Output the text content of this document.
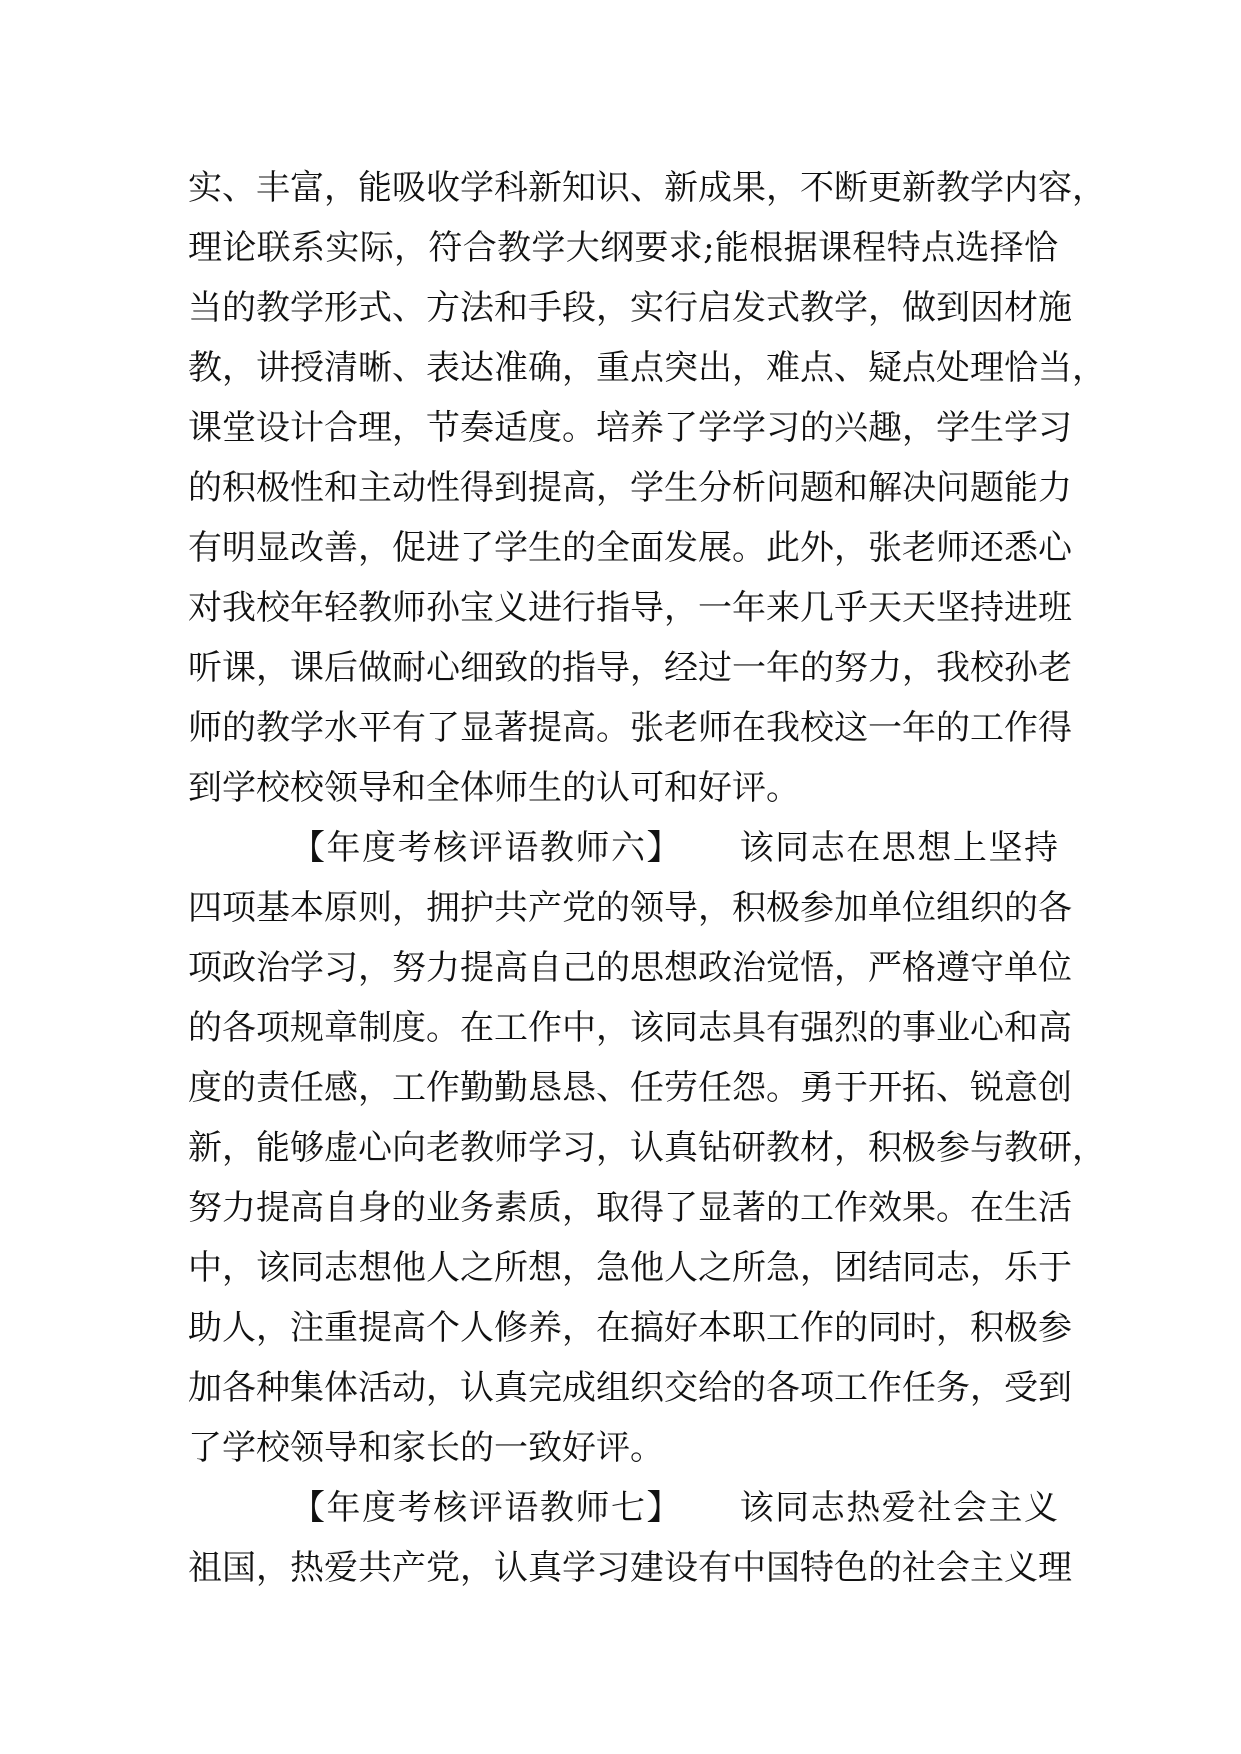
实、丰富，能吸收学科新知识、新成果，不断更新教学内容，
理论联系实际，符合教学大纲要求;能根据课程特点选择恰
当的教学形式、方法和手段，实行启发式教学，做到因材施
教，讲授清晰、表达准确，重点突出，难点、疑点处理恰当，
课堂设计合理，节奏适度。培养了学学习的兴趣，学生学习
的积极性和主动性得到提高，学生分析问题和解决问题能力
有明显改善，促进了学生的全面发展。此外，张老师还悉心
对我校年轻教师孙宝义进行指导，一年来几乎天天坚持进班
听课，课后做耐心细致的指导，经过一年的努力，我校孙老
师的教学水平有了显著提高。张老师在我校这一年的工作得
到学校校领导和全体师生的认可和好评。
【年度考核评语教师六】 该同志在思想上坚持
四项基本原则，拥护共产党的领导，积极参加单位组织的各
项政治学习，努力提高自己的思想政治觉悟，严格遵守单位
的各项规章制度。在工作中，该同志具有强烈的事业心和高
度的责任感，工作勤勤恳恳、任劳任怨。勇于开拓、锐意创
新，能够虚心向老教师学习，认真钻研教材，积极参与教研，
努力提高自身的业务素质，取得了显著的工作效果。在生活
中，该同志想他人之所想，急他人之所急，团结同志，乐于
助人，注重提高个人修养，在搞好本职工作的同时，积极参
加各种集体活动，认真完成组织交给的各项工作任务，受到
了学校领导和家长的一致好评。
【年度考核评语教师七】 该同志热爱社会主义
祖国，热爱共产党，认真学习建设有中国特色的社会主义理
